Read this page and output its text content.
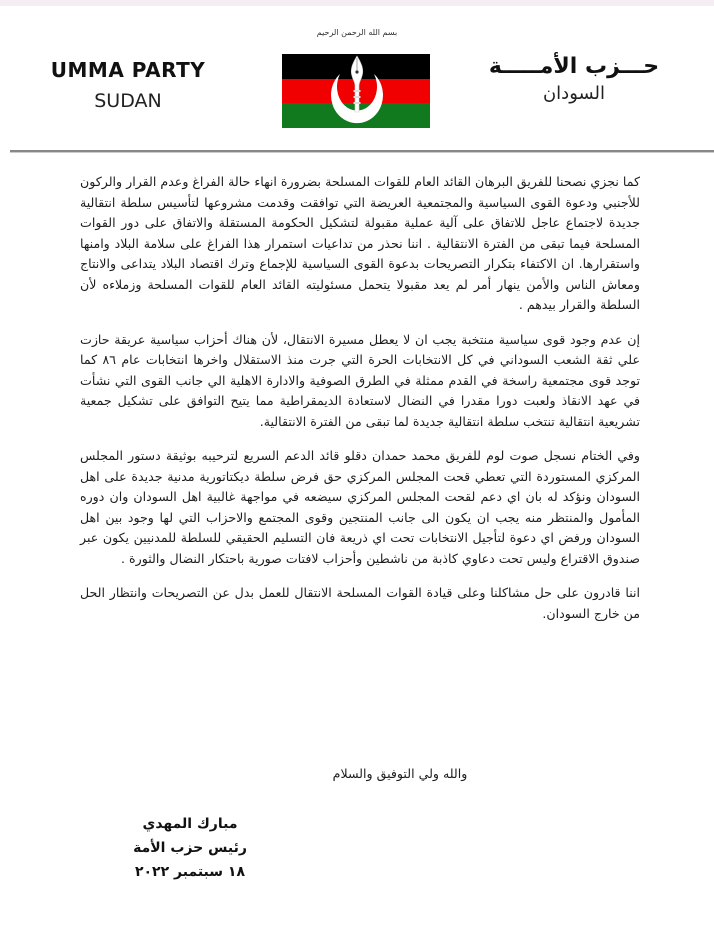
بسم الله الرحمن الرحيم
UMMA PARTY
SUDAN
حـــزب الأمـــــة
السودان

كما نجزي نصحنا للفريق البرهان القائد العام للقوات المسلحة بضرورة انهاء حالة الفراغ وعدم القرار والركون للأجنبي ودعوة القوى السياسية والمجتمعية العريضة التي توافقت وقدمت مشروعها لتأسيس سلطة انتقالية جديدة لاجتماع عاجل للاتفاق على آلية عملية مقبولة لتشكيل الحكومة المستقلة والاتفاق على دور القوات المسلحة فيما تبقى من الفترة الانتقالية . اننا نحذر من تداعيات استمرار هذا الفراغ على سلامة البلاد وامنها واستقرارها. ان الاكتفاء بتكرار التصريحات بدعوة القوى السياسية للإجماع وترك اقتصاد البلاد يتداعى والانتاج ومعاش الناس والأمن ينهار أمر لم يعد مقبولا يتحمل مسئوليته القائد العام للقوات المسلحة وزملاءه لأن السلطة والقرار بيدهم .

إن عدم وجود قوى سياسية منتخبة يجب ان لا يعطل مسيرة الانتقال، لأن هناك أحزاب سياسية عريقة حازت علي ثقة الشعب السوداني في كل الانتخابات الحرة التي جرت منذ الاستقلال واخرها انتخابات عام ٨٦ كما توجد قوى مجتمعية راسخة في القدم ممثلة في الطرق الصوفية والادارة الاهلية الي جانب القوى التي نشأت في عهد الانقاذ ولعبت دورا مقدرا في النضال لاستعادة الديمقراطية مما يتيح التوافق على تشكيل جمعية تشريعية انتقالية تنتخب سلطة انتقالية جديدة لما تبقى من الفترة الانتقالية.

وفي الختام نسجل صوت لوم للفريق محمد حمدان دقلو قائد الدعم السريع لترحيبه بوثيقة دستور المجلس المركزي المستوردة التي تعطي قحت المجلس المركزي حق فرض سلطة ديكتاتورية مدنية جديدة على اهل السودان ونؤكد له بان اي دعم لقحت المجلس المركزي سيضعه في مواجهة غالبية اهل السودان وان دوره المأمول والمنتظر منه يجب ان يكون الى جانب المنتجين وقوى المجتمع والاحزاب التي لها وجود بين اهل السودان ورفض اي دعوة لتأجيل الانتخابات تحت اي ذريعة فان التسليم الحقيقي للسلطة للمدنيين يكون عبر صندوق الاقتراع وليس تحت دعاوي كاذبة من ناشطين وأحزاب لافتات صورية باحتكار النضال والثورة .

اننا قادرون على حل مشاكلنا وعلى قيادة القوات المسلحة الانتقال للعمل بدل عن التصريحات وانتظار الحل من خارج السودان.

والله ولي التوفيق والسلام
مبارك المهدي
رئيس حزب الأمة
١٨ سبتمبر ٢٠٢٢
